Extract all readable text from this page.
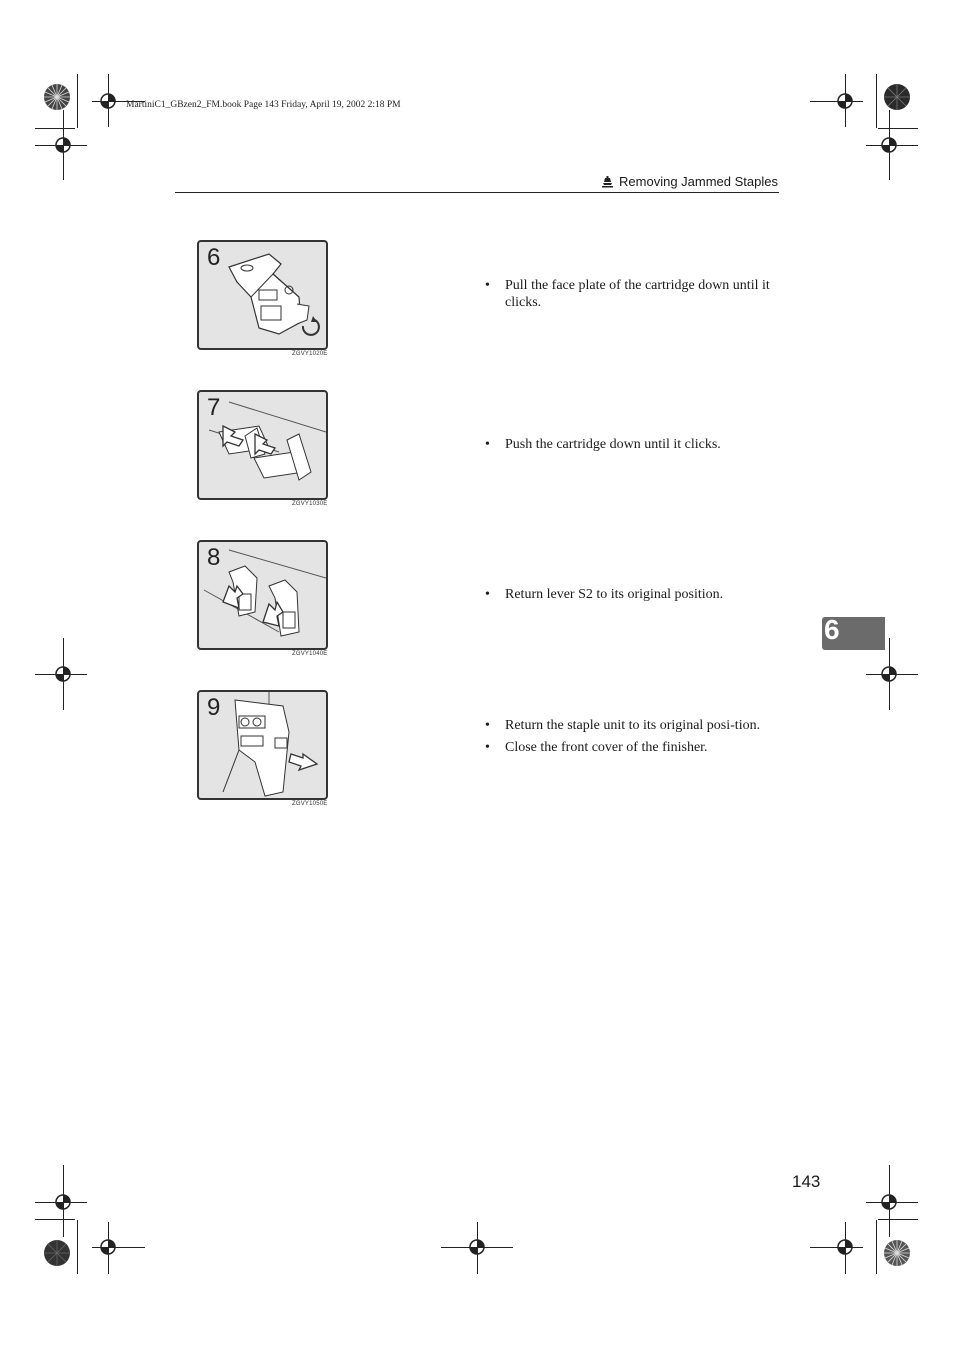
MartiniC1_GBzen2_FM.book Page 143 Friday, April 19, 2002 2:18 PM
Removing Jammed Staples
6
6
ZGVY1020E
• Pull the face plate of the cartridge down until it clicks.
7
ZGVY1030E
• Push the cartridge down until it clicks.
8
ZGVY1040E
• Return lever S2 to its original position.
9
ZGVY1050E
• Return the staple unit to its original posi-tion.
• Close the front cover of the finisher.
143
